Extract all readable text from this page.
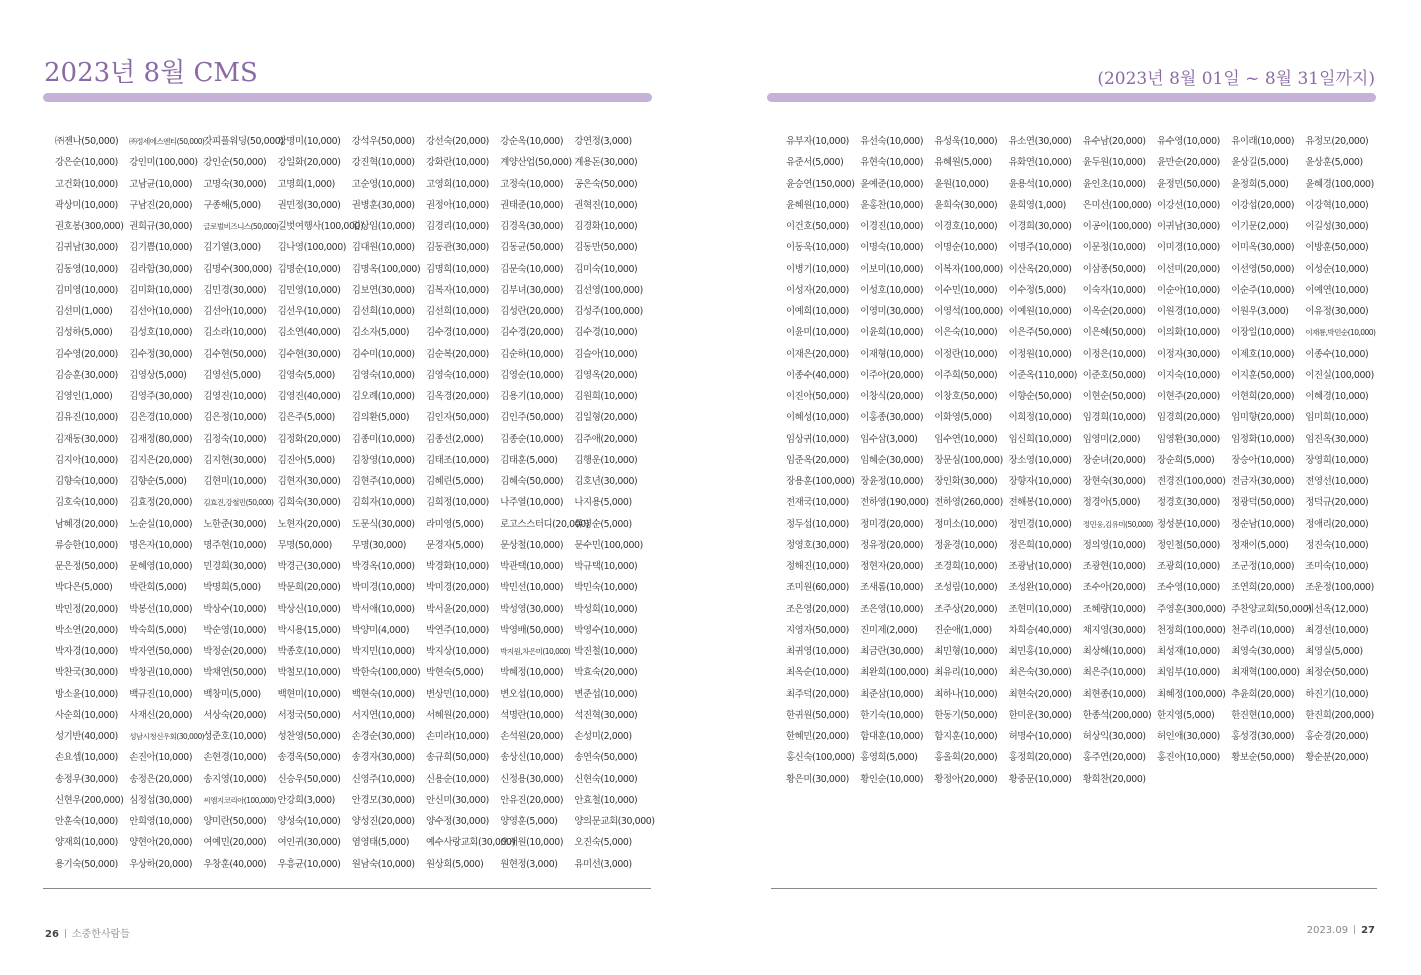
2023년 8월 CMS
㈜젠나(50,000) ㈜정세에스엔티(50,000) 갓피플워딩(50,000)
강명미(10,000) 강석우(50,000) 강선숙(20,000) 강순옥(10,000) 강연정(3,000)
강은순(10,000) 강인미(100,000) 강인순(50,000) 강일화(20,000) 강진혁(10,000) 강화란(10,000) 계양산업(50,000) 계용돈(30,000)
고건화(10,000) 고남균(10,000) 고명숙(30,000) 고명희(1,000) 고순영(10,000) 고영희(10,000) 고정숙(10,000) 공은숙(50,000)
곽상미(10,000) 구남진(20,000) 구종해(5,000) 권민정(30,000) 권병훈(30,000) 권정아(10,000) 권태준(10,000) 권혁진(10,000)
권호봉(300,000) 권희규(30,000) 글로벌비즈니스(50,000) 길벗여행사(100,000)
김상임(10,000) 김경리(10,000) 김경옥(30,000) 김경화(10,000)
김귀남(30,000) 김기쁨(10,000) 김기열(3,000) 김나영(100,000) 김대원(10,000) 김동관(30,000) 김동균(50,000) 김동만(50,000)
김동영(10,000) 김라함(30,000) 김명수(300,000) 김명순(10,000) 김명옥(100,000) 김명희(10,000) 김문숙(10,000) 김미숙(10,000)
김미영(10,000) 김미화(10,000) 김민경(30,000) 김민영(10,000) 김보연(30,000) 김복자(10,000) 김부녀(30,000) 김선영(100,000)
김선미(1,000) 김선아(10,000) 김선아(10,000) 김선우(10,000) 김선희(10,000) 김선희(10,000) 김성란(20,000) 김성주(100,000)
김성하(5,000) 김성호(10,000) 김소라(10,000) 김소연(40,000) 김소자(5,000) 김수경(10,000) 김수경(20,000) 김수경(10,000)
김수영(20,000) 김수정(30,000) 김수현(50,000) 김수현(30,000) 김수미(10,000) 김순복(20,000) 김순하(10,000) 김슬아(10,000)
김승훈(30,000) 김영상(5,000) 김영선(5,000) 김영숙(5,000) 김영숙(10,000) 김영숙(10,000) 김영순(10,000) 김영옥(20,000)
김영인(1,000) 김영주(30,000) 김영진(10,000) 김영진(40,000) 김오례(10,000) 김옥경(20,000) 김용기(10,000) 김원희(10,000)
김유진(10,000) 김은경(10,000) 김은정(10,000) 김은주(5,000) 김의환(5,000) 김인자(50,000) 김인주(50,000) 김일형(20,000)
김재동(30,000) 김재정(80,000) 김정숙(10,000) 김정화(20,000) 김종미(10,000) 김종선(2,000) 김종순(10,000) 김주애(20,000)
김지아(10,000) 김지은(20,000) 김지현(30,000) 김진아(5,000) 김창영(10,000) 김태조(10,000) 김태훈(5,000) 김행운(10,000)
김향숙(10,000) 김향순(5,000) 김현미(10,000) 김현자(30,000) 김현주(10,000) 김혜린(5,000) 김혜숙(50,000) 김호년(30,000)
김호숙(10,000) 김효정(20,000) 김효진,강철민(50,000) 김희숙(30,000) 김희자(10,000) 김희정(10,000) 나주열(10,000) 나지용(5,000)
남혜경(20,000) 노순실(10,000) 노한준(30,000) 노현자(20,000) 도문식(30,000) 라미영(5,000) 로고스스터디(20,000)
류명순(5,000)
류승한(10,000) 명은자(10,000) 명주현(10,000) 무명(50,000) 무명(30,000) 문경자(5,000) 문상철(10,000) 문수민(100,000)
문은정(50,000) 문혜영(10,000) 민경희(30,000) 박경근(30,000) 박경옥(10,000) 박경화(10,000) 박관택(10,000) 박규택(10,000)
박다은(5,000) 박란희(5,000) 박명희(5,000) 박문희(20,000) 박미경(10,000) 박미경(20,000) 박민선(10,000) 박민숙(10,000)
박민정(20,000) 박봉선(10,000) 박상수(10,000) 박상신(10,000) 박서애(10,000) 박서윤(20,000) 박성영(30,000) 박성희(10,000)
박소연(20,000) 박숙희(5,000) 박순영(10,000) 박시용(15,000) 박양미(4,000) 박연주(10,000) 박영배(50,000) 박영수(10,000)
박자경(10,000) 박자연(50,000) 박정순(20,000) 박종호(10,000) 박지민(10,000) 박지상(10,000) 박지원,차은미(10,000) 박진철(10,000)
박찬국(30,000) 박창권(10,000) 박채연(50,000) 박철모(10,000) 박한숙(100,000) 박현숙(5,000) 박혜정(10,000) 박효숙(20,000)
방소윤(10,000) 백규진(10,000) 백창미(5,000) 백현미(10,000) 백현숙(10,000) 변상민(10,000) 변오섭(10,000) 변준섭(10,000)
사순희(10,000) 사재신(20,000) 서상숙(20,000) 서정국(50,000) 서지연(10,000) 서혜원(20,000) 석명란(10,000) 석진혁(30,000)
성기반(40,000) 성남시청신우회(30,000) 성준호(10,000) 성찬영(50,000) 손경순(30,000) 손미라(10,000) 손석원(20,000) 손성미(2,000)
손요셉(10,000) 손진아(10,000) 손현경(10,000) 송경옥(50,000) 송경자(30,000) 송규희(50,000) 송상신(10,000) 송연숙(50,000)
송정우(30,000) 송정은(20,000) 송지영(10,000) 신승우(50,000) 신영주(10,000) 신용순(10,000) 신정용(30,000) 신현숙(10,000)
신현우(200,000) 심정섭(30,000) 씨엠지코리아(100,000) 안강희(3,000) 안경모(30,000) 안신미(30,000) 안유진(20,000) 안효철(10,000)
안훈숙(10,000) 안희영(10,000) 양미란(50,000) 양성숙(10,000) 양성진(20,000) 양수정(30,000) 양영훈(5,000) 양의문교회(30,000)
양재희(10,000) 양현아(20,000) 여예민(20,000) 여인귀(30,000) 염영태(5,000) 예수사랑교회(30,000)
오재원(10,000) 오진숙(5,000)
용기숙(50,000) 우상하(20,000) 우창훈(40,000) 우흥균(10,000) 원남숙(10,000) 원상희(5,000) 원현정(3,000) 유미선(3,000)
26 소중한사람들
(2023년 8월 01일 ~ 8월 31일까지)
유부자(10,000) 유선숙(10,000) 유성욱(10,000) 유소연(30,000) 유수남(20,000) 유수영(10,000) 유이래(10,000) 유정모(20,000)
유준서(5,000) 유현숙(10,000) 유혜원(5,000) 유화연(10,000) 윤두원(10,000) 윤만순(20,000) 윤상길(5,000) 윤상훈(5,000)
윤승연(150,000) 윤예준(10,000) 윤원(10,000) 윤용석(10,000) 윤인초(10,000) 윤정민(50,000) 윤정희(5,000) 윤혜경(100,000)
윤혜원(10,000) 윤홍찬(10,000) 윤희숙(30,000) 윤희영(1,000) 은미선(100,000) 이강선(10,000) 이강섭(20,000) 이강혁(10,000)
이건호(50,000) 이경진(10,000) 이경호(10,000) 이경희(30,000) 이공이(100,000) 이귀남(30,000) 이기문(2,000) 이길성(30,000)
이동욱(10,000) 이명숙(10,000) 이명순(10,000) 이명주(10,000) 이문정(10,000) 이미경(10,000) 이미옥(30,000) 이방훈(50,000)
이병기(10,000) 이보미(10,000) 이복자(100,000) 이산옥(20,000) 이삼종(50,000) 이선미(20,000) 이선영(50,000) 이성순(10,000)
이성자(20,000) 이성호(10,000) 이수민(10,000) 이수정(5,000) 이숙자(10,000) 이순아(10,000) 이순주(10,000) 이예연(10,000)
이예희(10,000) 이영미(30,000) 이영석(100,000) 이예원(10,000) 이옥순(20,000) 이원경(10,000) 이원우(3,000) 이유정(30,000)
이윤미(10,000) 이윤희(10,000) 이은숙(10,000) 이은주(50,000) 이은혜(50,000) 이의화(10,000) 이장일(10,000) 이재룡,박민순(10,000)
이재은(20,000) 이재형(10,000) 이정란(10,000) 이정원(10,000) 이정은(10,000) 이정자(30,000) 이제호(10,000) 이종수(10,000)
이종수(40,000) 이주아(20,000) 이주희(50,000) 이준옥(110,000) 이준호(50,000) 이지숙(10,000) 이지훈(50,000) 이진실(100,000)
이진아(50,000) 이창식(20,000) 이창호(50,000) 이향순(50,000) 이현순(50,000) 이현주(20,000) 이현희(20,000) 이혜경(10,000)
이혜성(10,000) 이홍종(30,000) 이화영(5,000) 이희정(10,000) 임경희(10,000) 임경희(20,000) 임미향(20,000) 임미희(10,000)
임상귀(10,000) 임수삼(3,000) 임수연(10,000) 임신희(10,000) 임영미(2,000) 임영환(30,000) 임정화(10,000) 임진옥(30,000)
임준옥(20,000) 임혜순(30,000) 장문심(100,000) 장소영(10,000) 장순녀(20,000) 장순희(5,000) 장승아(10,000) 장영희(10,000)
장용훈(100,000) 장윤정(10,000) 장인화(30,000) 장향자(10,000) 장현숙(30,000) 전경진(100,000) 전금자(30,000) 전영선(10,000)
전재국(10,000) 전하영(190,000) 전하영(260,000) 전해봉(10,000) 정경아(5,000) 정경호(30,000) 정광덕(50,000) 정덕규(20,000)
정두섭(10,000) 정미경(20,000) 정미소(10,000) 정민경(10,000) 정민웅,김유미(50,000) 정성분(10,000) 정순남(10,000) 정애리(20,000)
정영호(30,000) 정유정(20,000) 정윤경(10,000) 정은희(10,000) 정의영(10,000) 정인철(50,000) 정재이(5,000) 정진숙(10,000)
정해진(10,000) 정현자(20,000) 조경희(10,000) 조광남(10,000) 조광현(10,000) 조광희(10,000) 조군정(10,000) 조미숙(10,000)
조미원(60,000) 조새롬(10,000) 조성림(10,000) 조성완(10,000) 조수아(20,000) 조수영(10,000) 조연희(20,000) 조운정(100,000)
조은영(20,000) 조은영(10,000) 조주상(20,000) 조현미(10,000) 조혜량(10,000) 주영훈(300,000) 주찬양교회(50,000)
지선옥(12,000)
지영자(50,000) 진미제(2,000) 진순애(1,000) 차희승(40,000) 채지영(30,000) 천정희(100,000) 천주리(10,000) 최경선(10,000)
최귀영(10,000) 최금란(30,000) 최민형(10,000) 최민홍(10,000) 최상해(10,000) 최성재(10,000) 최영숙(30,000) 최영실(5,000)
최옥순(10,000) 최완희(100,000) 최유리(10,000) 최은숙(30,000) 최은주(10,000) 최임부(10,000) 최재혁(100,000) 최정순(50,000)
최주덕(20,000) 최준삼(10,000) 최하나(10,000) 최현숙(20,000) 최현종(10,000) 최혜정(100,000) 추윤희(20,000) 하진기(10,000)
한귀원(50,000) 한기숙(10,000) 한동기(50,000) 한미운(30,000) 한종석(200,000) 한지영(5,000) 한진현(10,000) 한진희(200,000)
한혜민(20,000) 함대훈(10,000) 함지훈(10,000) 허명수(10,000) 허상익(30,000) 허인애(30,000) 홍성경(30,000) 홍순경(20,000)
홍신숙(100,000) 홍영희(5,000) 홍올희(20,000) 홍정희(20,000) 홍주연(20,000) 홍진아(10,000) 황보순(50,000) 황순분(20,000)
황은미(30,000) 황인순(10,000) 황정아(20,000) 황중문(10,000) 황희찬(20,000)
2023.09 27
